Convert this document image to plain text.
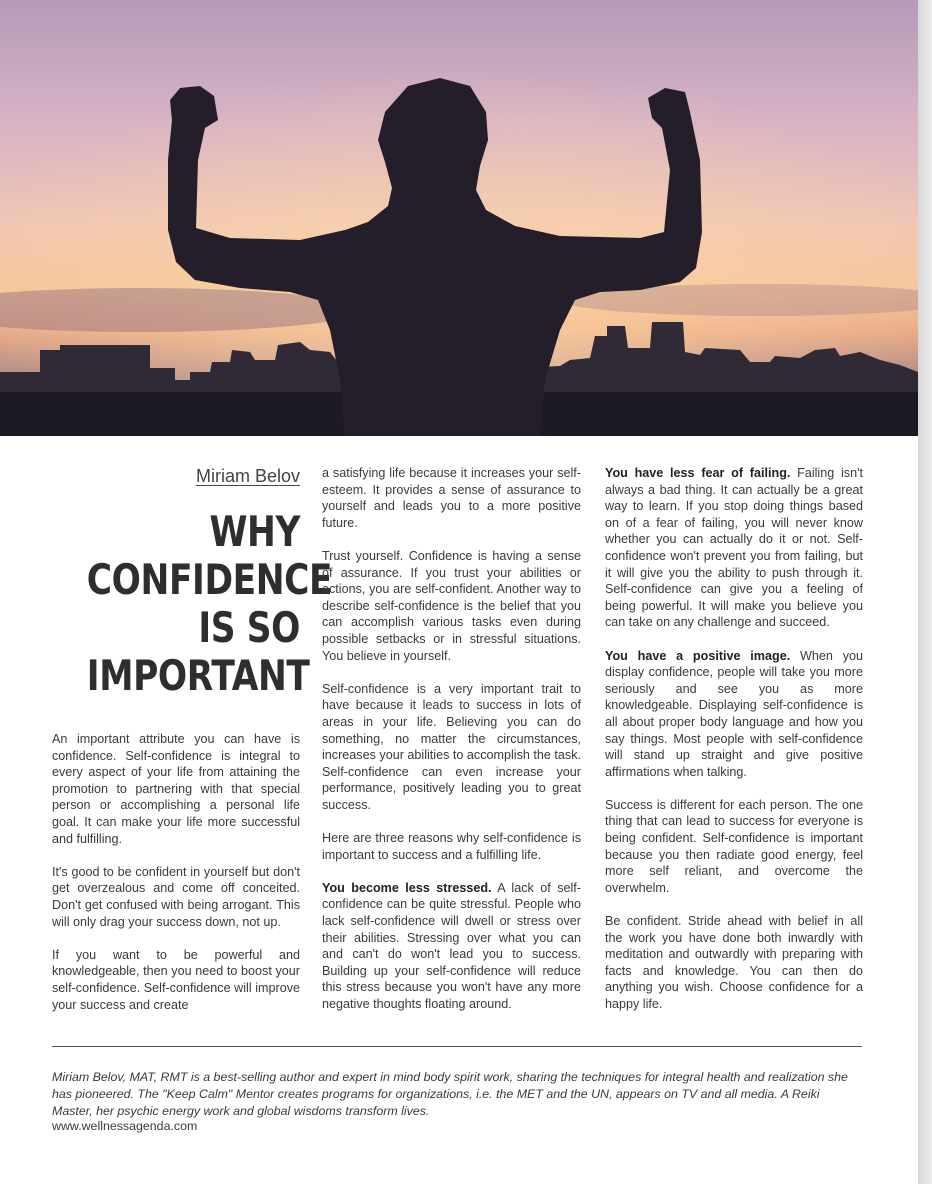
Miriam Belov
WHY
CONFIDENCE
IS SO
IMPORTANT

An important attribute you can have is confidence. Self-confidence is integral to every aspect of your life from attaining the promotion to partnering with that special person or accomplishing a personal life goal. It can make your life more successful and fulfilling.

It's good to be confident in yourself but don't get overzealous and come off conceited. Don't get confused with being arrogant. This will only drag your success down, not up.

If you want to be powerful and knowledgeable, then you need to boost your self-confidence. Self-confidence will improve your success and create

a satisfying life because it increases your self-esteem. It provides a sense of assurance to yourself and leads you to a more positive future.

Trust yourself. Confidence is having a sense of assurance. If you trust your abilities or actions, you are self-confident. Another way to describe self-confidence is the belief that you can accomplish various tasks even during possible setbacks or in stressful situations. You believe in yourself.

Self-confidence is a very important trait to have because it leads to success in lots of areas in your life. Believing you can do something, no matter the circumstances, increases your abilities to accomplish the task. Self-confidence can even increase your performance, positively leading you to great success.

Here are three reasons why self-confidence is important to success and a fulfilling life.

You become less stressed. A lack of self-confidence can be quite stressful. People who lack self-confidence will dwell or stress over their abilities. Stressing over what you can and can't do won't lead you to success. Building up your self-confidence will reduce this stress because you won't have any more negative thoughts floating around.

You have less fear of failing. Failing isn't always a bad thing. It can actually be a great way to learn. If you stop doing things based on of a fear of failing, you will never know whether you can actually do it or not. Self-confidence won't prevent you from failing, but it will give you the ability to push through it. Self-confidence can give you a feeling of being powerful. It will make you believe you can take on any challenge and succeed.

You have a positive image. When you display confidence, people will take you more seriously and see you as more knowledgeable. Displaying self-confidence is all about proper body language and how you say things. Most people with self-confidence will stand up straight and give positive affirmations when talking.

Success is different for each person. The one thing that can lead to success for everyone is being confident. Self-confidence is important because you then radiate good energy, feel more self reliant, and overcome the overwhelm.

Be confident. Stride ahead with belief in all the work you have done both inwardly with meditation and outwardly with preparing with facts and knowledge. You can then do anything you wish. Choose confidence for a happy life.

Miriam Belov, MAT, RMT is a best-selling author and expert in mind body spirit work, sharing the techniques for integral health and realization she has pioneered. The "Keep Calm" Mentor creates programs for organizations, i.e. the MET and the UN, appears on TV and all media. A Reiki Master, her psychic energy work and global wisdoms transform lives.
www.wellnessagenda.com
